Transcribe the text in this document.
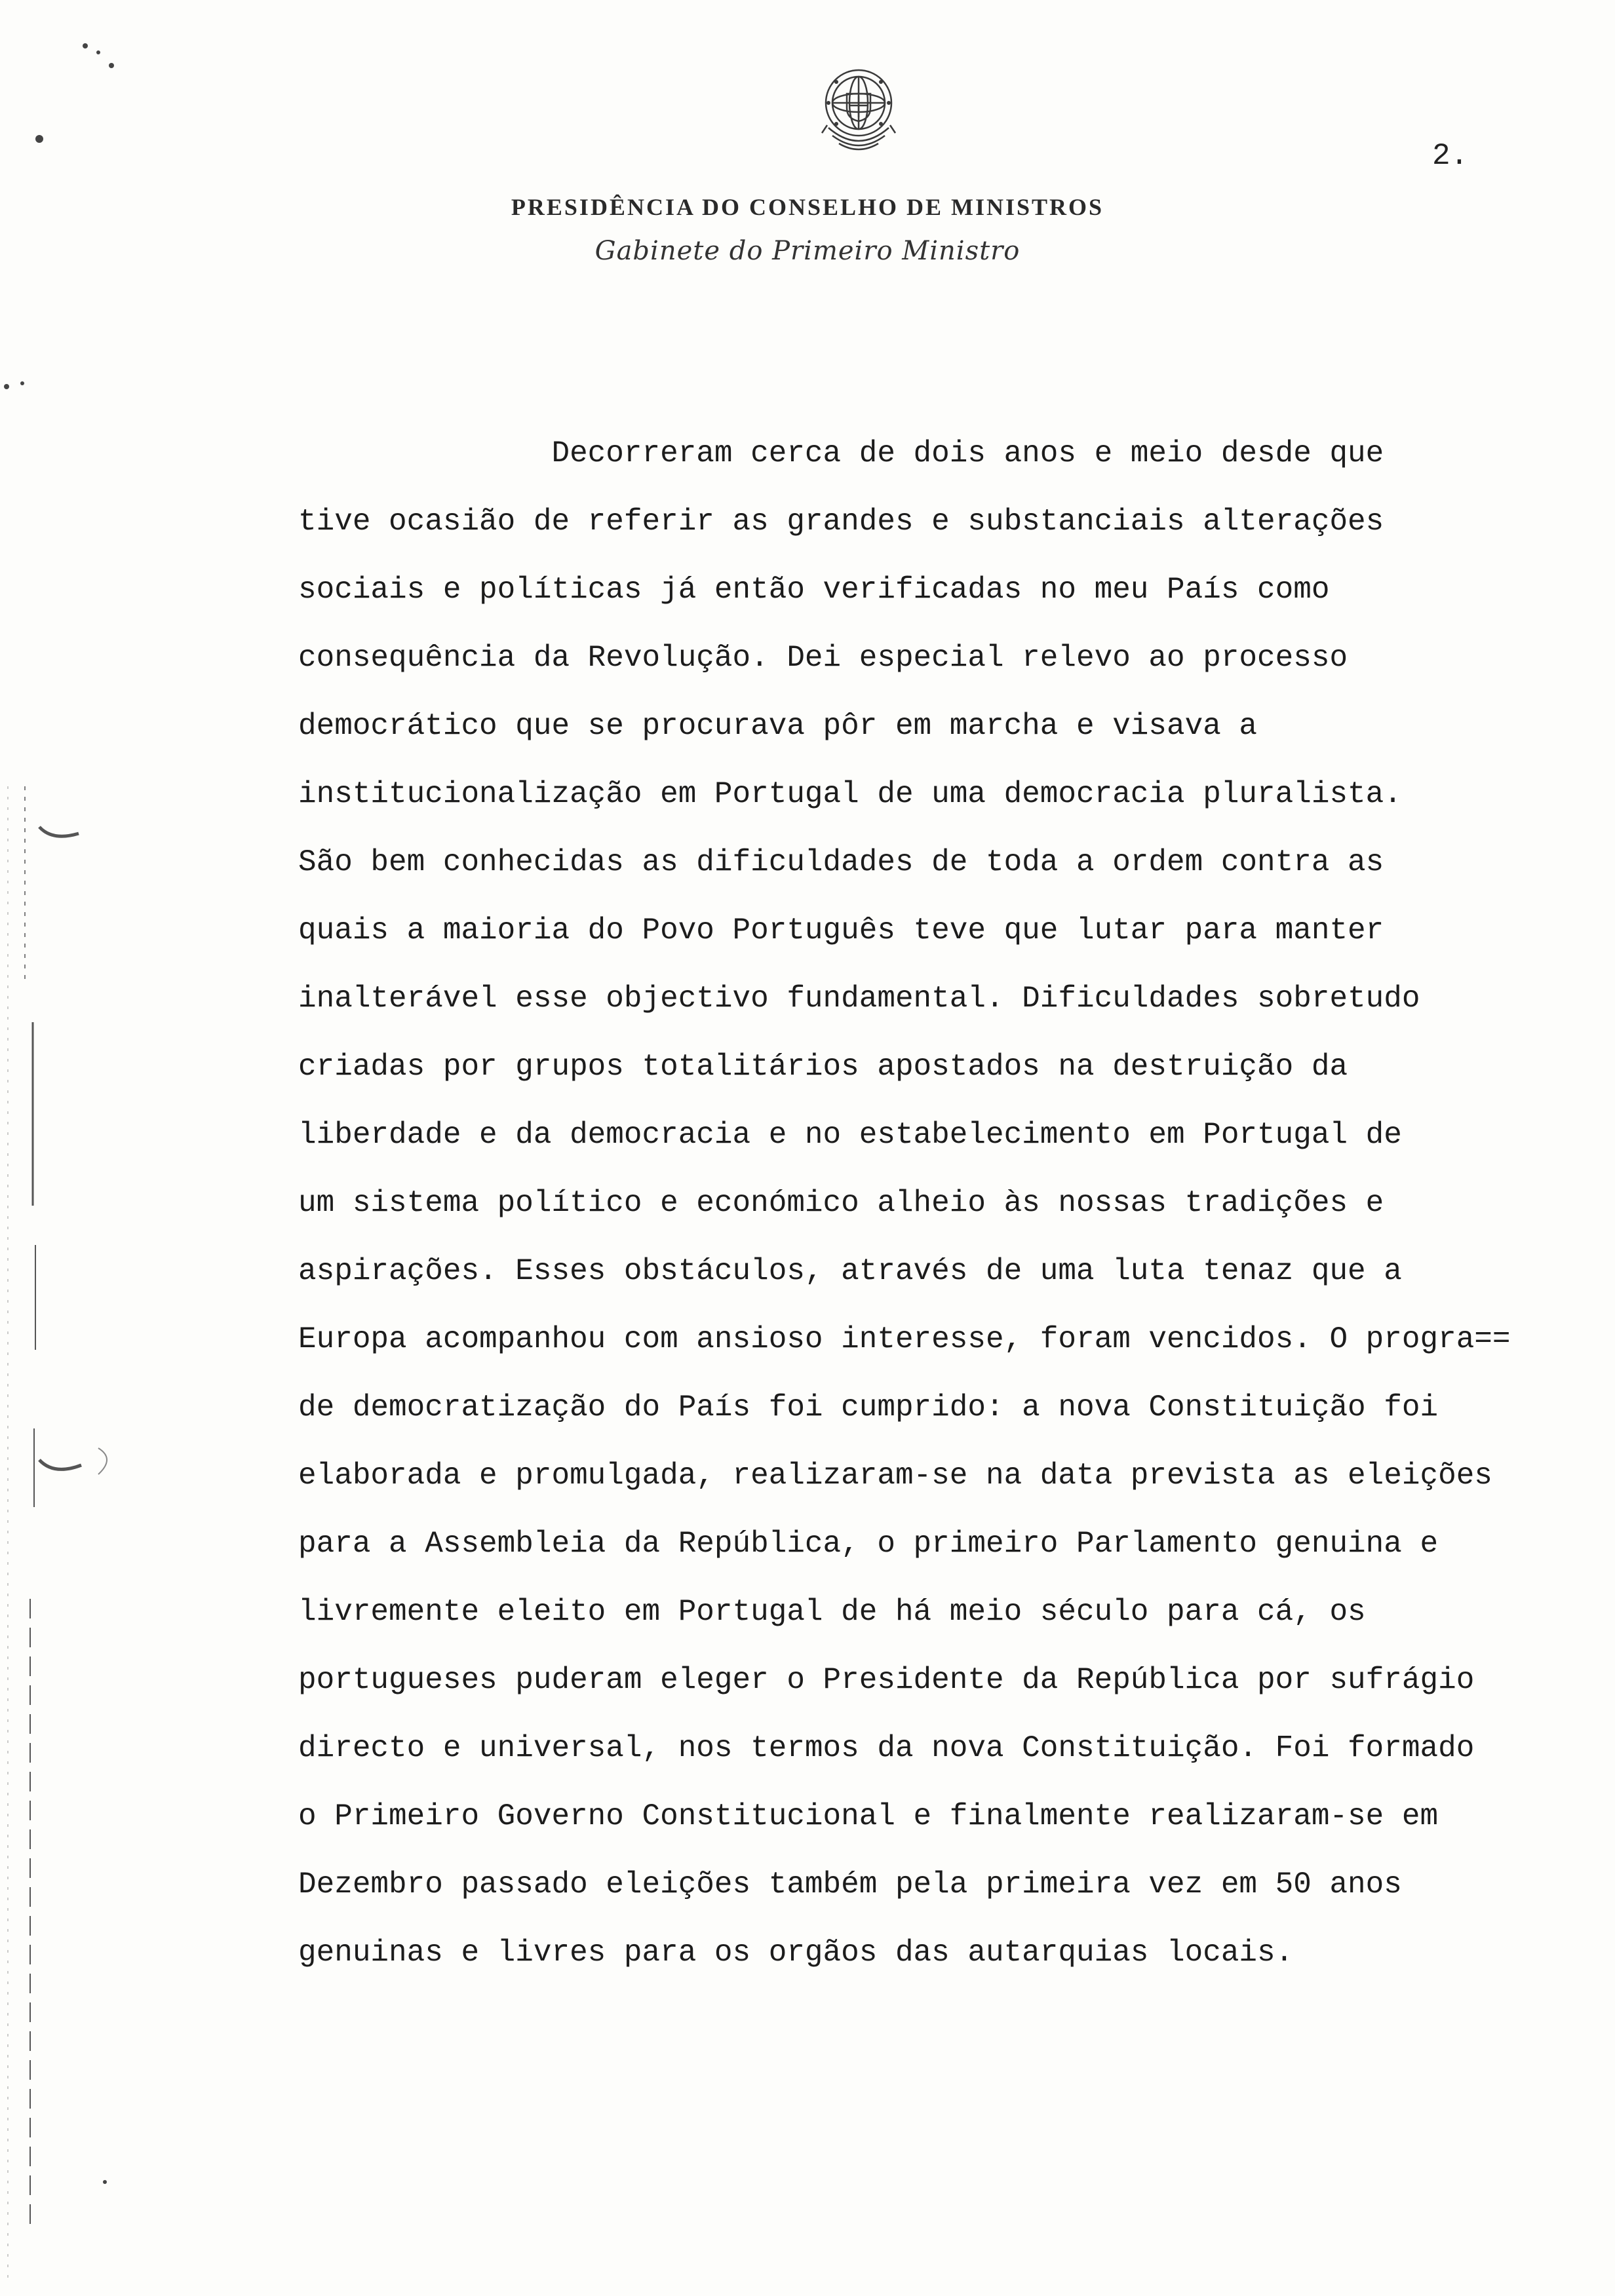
2.
PRESIDÊNCIA DO CONSELHO DE MINISTROS
Gabinete do Primeiro Ministro
Decorreram cerca de dois anos e meio desde que
tive ocasião de referir as grandes e substanciais alterações
sociais e políticas já então verificadas no meu País como
consequência da Revolução. Dei especial relevo ao processo
democrático que se procurava pôr em marcha e visava a
institucionalização em Portugal de uma democracia pluralista.
São bem conhecidas as dificuldades de toda a ordem contra as
quais a maioria do Povo Português teve que lutar para manter
inalterável esse objectivo fundamental. Dificuldades sobretudo
criadas por grupos totalitários apostados na destruição da
liberdade e da democracia e no estabelecimento em Portugal de
um sistema político e económico alheio às nossas tradições e
aspirações. Esses obstáculos, através de uma luta tenaz que a
Europa acompanhou com ansioso interesse, foram vencidos. O progra==
de democratização do País foi cumprido: a nova Constituição foi
elaborada e promulgada, realizaram-se na data prevista as eleições
para a Assembleia da República, o primeiro Parlamento genuina e
livremente eleito em Portugal de há meio século para cá, os
portugueses puderam eleger o Presidente da República por sufrágio
directo e universal, nos termos da nova Constituição. Foi formado
o Primeiro Governo Constitucional e finalmente realizaram-se em
Dezembro passado eleições também pela primeira vez em 50 anos
genuinas e livres para os orgãos das autarquias locais.
